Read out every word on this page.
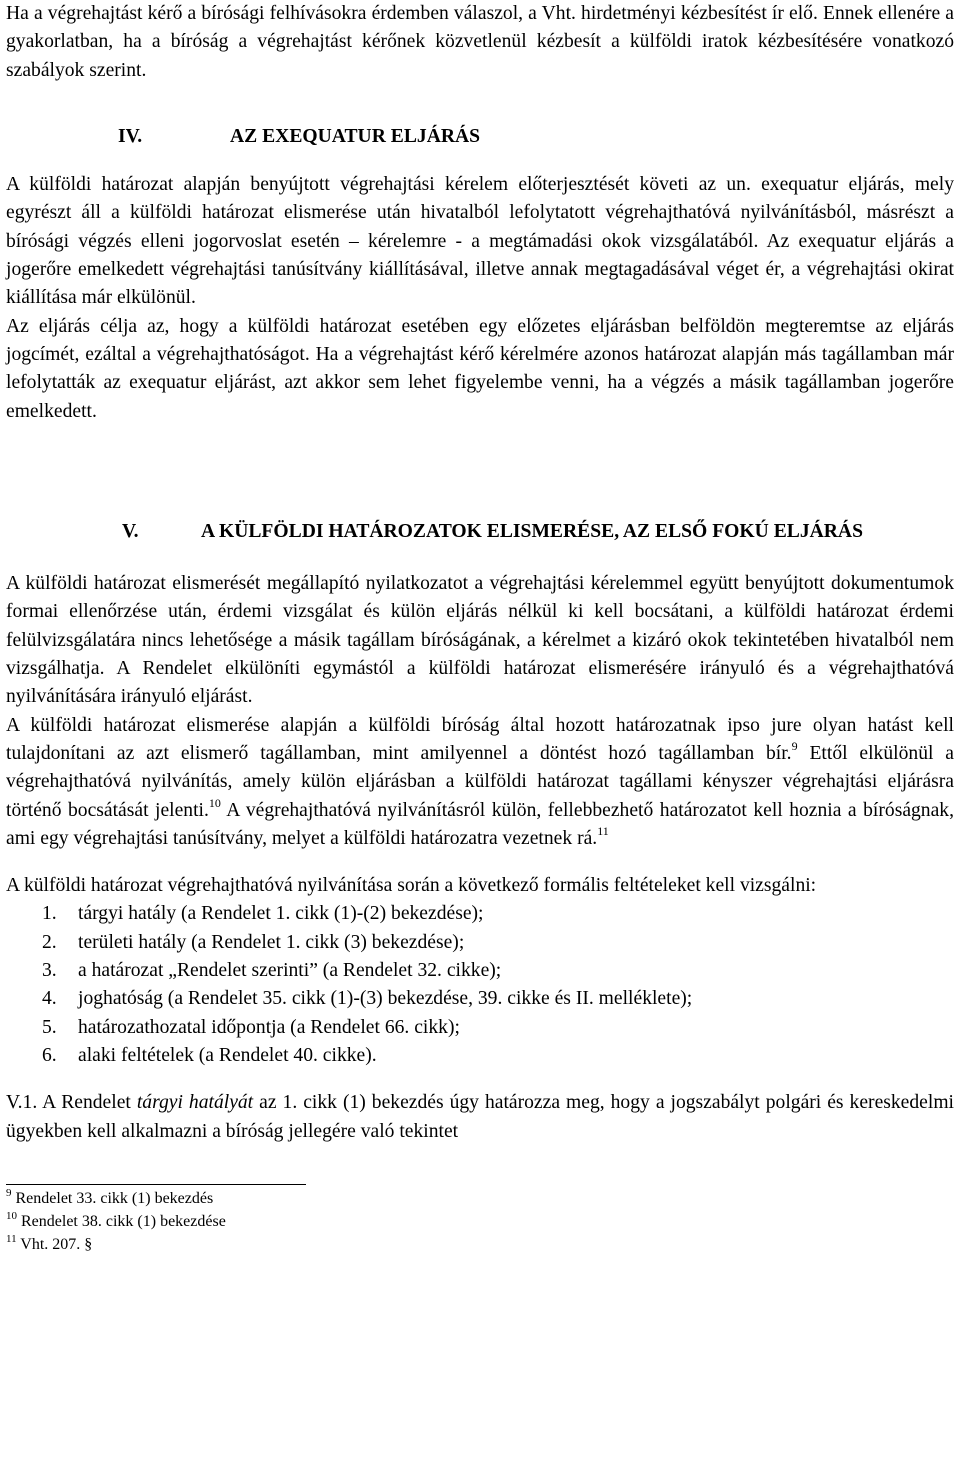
Ha a végrehajtást kérő a bírósági felhívásokra érdemben válaszol, a Vht. hirdetményi kézbesítést ír elő. Ennek ellenére a gyakorlatban, ha a bíróság a végrehajtást kérőnek közvetlenül kézbesít a külföldi iratok kézbesítésére vonatkozó szabályok szerint.

IV.	AZ EXEQUATUR ELJÁRÁS

A külföldi határozat alapján benyújtott végrehajtási kérelem előterjesztését követi az un. exequatur eljárás, mely egyrészt áll a külföldi határozat elismerése után hivatalból lefolytatott végrehajthatóvá nyilvánításból, másrészt a bírósági végzés elleni jogorvoslat esetén – kérelemre - a megtámadási okok vizsgálatából. Az exequatur eljárás a jogerőre emelkedett végrehajtási tanúsítvány kiállításával, illetve annak megtagadásával véget ér, a végrehajtási okirat kiállítása már elkülönül.

Az eljárás célja az, hogy a külföldi határozat esetében egy előzetes eljárásban belföldön megteremtse az eljárás jogcímét, ezáltal a végrehajthatóságot. Ha a végrehajtást kérő kérelmére azonos határozat alapján más tagállamban már lefolytatták az exequatur eljárást, azt akkor sem lehet figyelembe venni, ha a végzés a másik tagállamban jogerőre emelkedett.

V.	A KÜLFÖLDI HATÁROZATOK ELISMERÉSE, AZ ELSŐ FOKÚ ELJÁRÁS

A külföldi határozat elismerését megállapító nyilatkozatot a végrehajtási kérelemmel együtt benyújtott dokumentumok formai ellenőrzése után, érdemi vizsgálat és külön eljárás nélkül ki kell bocsátani, a külföldi határozat érdemi felülvizsgálatára nincs lehetősége a másik tagállam bíróságának, a kérelmet a kizáró okok tekintetében hivatalból nem vizsgálhatja. A Rendelet elkülöníti egymástól a külföldi határozat elismerésére irányuló és a végrehajthatóvá nyilvánítására irányuló eljárást.

A külföldi határozat elismerése alapján a külföldi bíróság által hozott határozatnak ipso jure olyan hatást kell tulajdonítani az azt elismerő tagállamban, mint amilyennel a döntést hozó tagállamban bír.$^9$ Ettől elkülönül a végrehajthatóvá nyilvánítás, amely külön eljárásban a külföldi határozat tagállami kényszer végrehajtási eljárásra történő bocsátását jelenti.$^{10}$ A végrehajthatóvá nyilvánításról külön, fellebbezhető határozatot kell hoznia a bíróságnak, ami egy végrehajtási tanúsítvány, melyet a külföldi határozatra vezetnek rá.$^{11}$

A külföldi határozat végrehajthatóvá nyilvánítása során a következő formális feltételeket kell vizsgálni:

1.	tárgyi hatály (a Rendelet 1. cikk (1)-(2) bekezdése);
2.	területi hatály (a Rendelet 1. cikk (3) bekezdése);
3.	a határozat „Rendelet szerinti” (a Rendelet 32. cikke);
4.	joghatóság (a Rendelet 35. cikk (1)-(3) bekezdése, 39. cikke és II. melléklete);
5.	határozathozatal időpontja (a Rendelet 66. cikk);
6.	alaki feltételek (a Rendelet 40. cikke).

V.1. A Rendelet tárgyi hatályát az 1. cikk (1) bekezdés úgy határozza meg, hogy a jogszabályt polgári és kereskedelmi ügyekben kell alkalmazni a bíróság jellegére való tekintet

$^9$ Rendelet 33. cikk (1) bekezdés
$^{10}$ Rendelet 38. cikk (1) bekezdése
$^{11}$ Vht. 207. §
